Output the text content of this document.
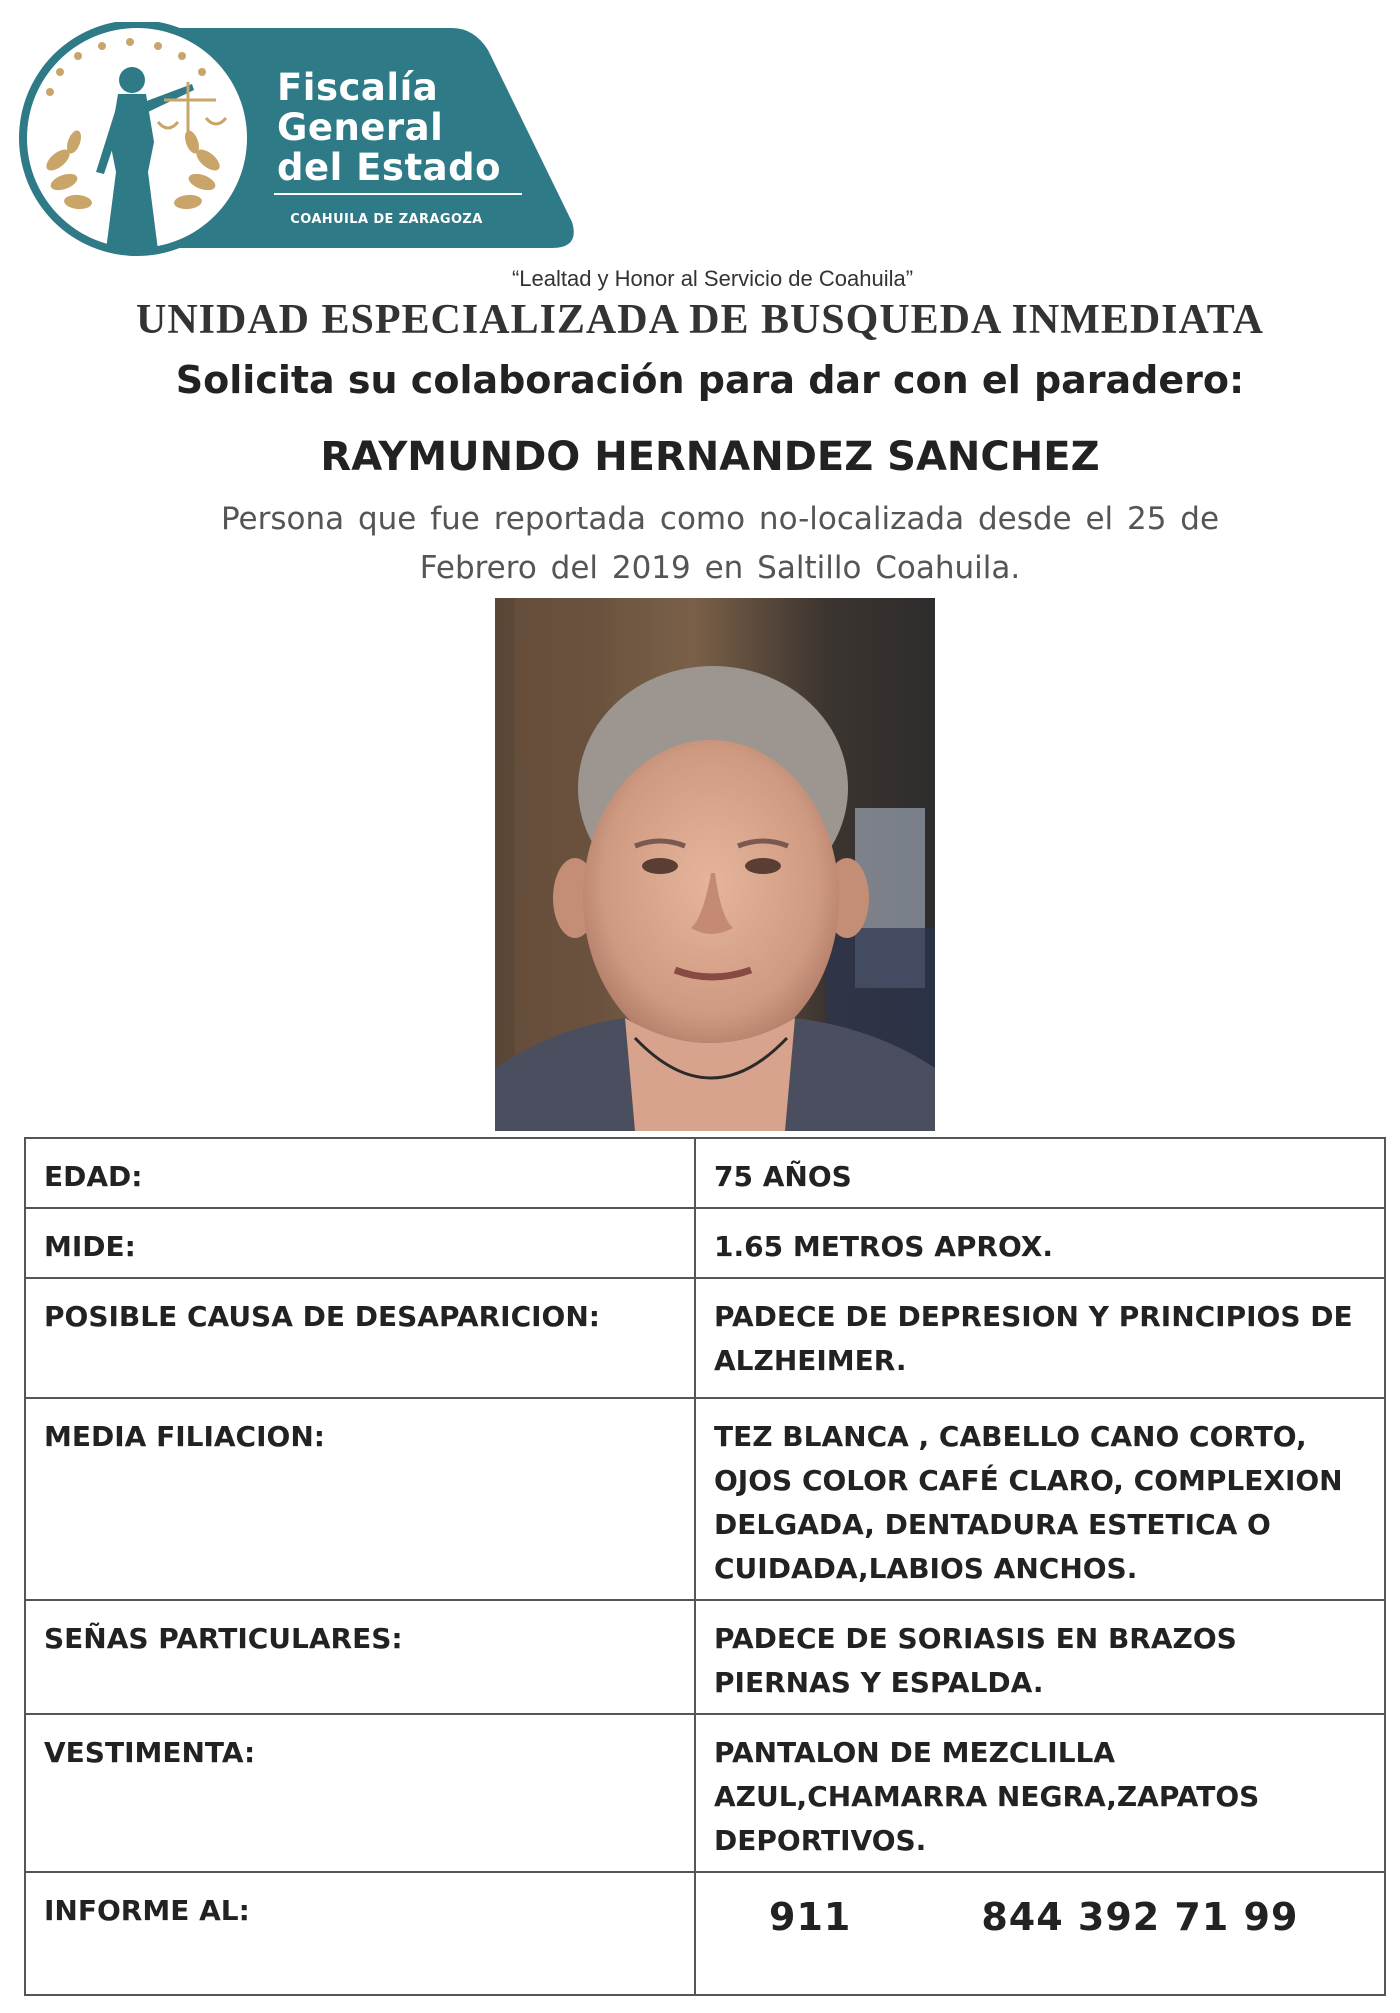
Fiscalía
General
del Estado
COAHUILA DE ZARAGOZA
“Lealtad y Honor al Servicio de Coahuila”
UNIDAD ESPECIALIZADA DE BUSQUEDA INMEDIATA
Solicita su colaboración para dar con el paradero:
RAYMUNDO HERNANDEZ SANCHEZ
Persona que fue reportada como no-localizada desde el 25 de
Febrero del 2019 en Saltillo Coahuila.
EDAD:	75 AÑOS
MIDE:	1.65 METROS APROX.
POSIBLE CAUSA DE DESAPARICION:	PADECE DE DEPRESION Y PRINCIPIOS DE ALZHEIMER.
MEDIA FILIACION:	TEZ BLANCA , CABELLO CANO CORTO, OJOS COLOR CAFÉ CLARO, COMPLEXION DELGADA, DENTADURA ESTETICA O CUIDADA,LABIOS ANCHOS.
SEÑAS PARTICULARES:	PADECE DE SORIASIS EN BRAZOS PIERNAS Y ESPALDA.
VESTIMENTA:	PANTALON DE MEZCLILLA AZUL,CHAMARRA NEGRA,ZAPATOS DEPORTIVOS.
INFORME AL:	911 844 392 71 99
